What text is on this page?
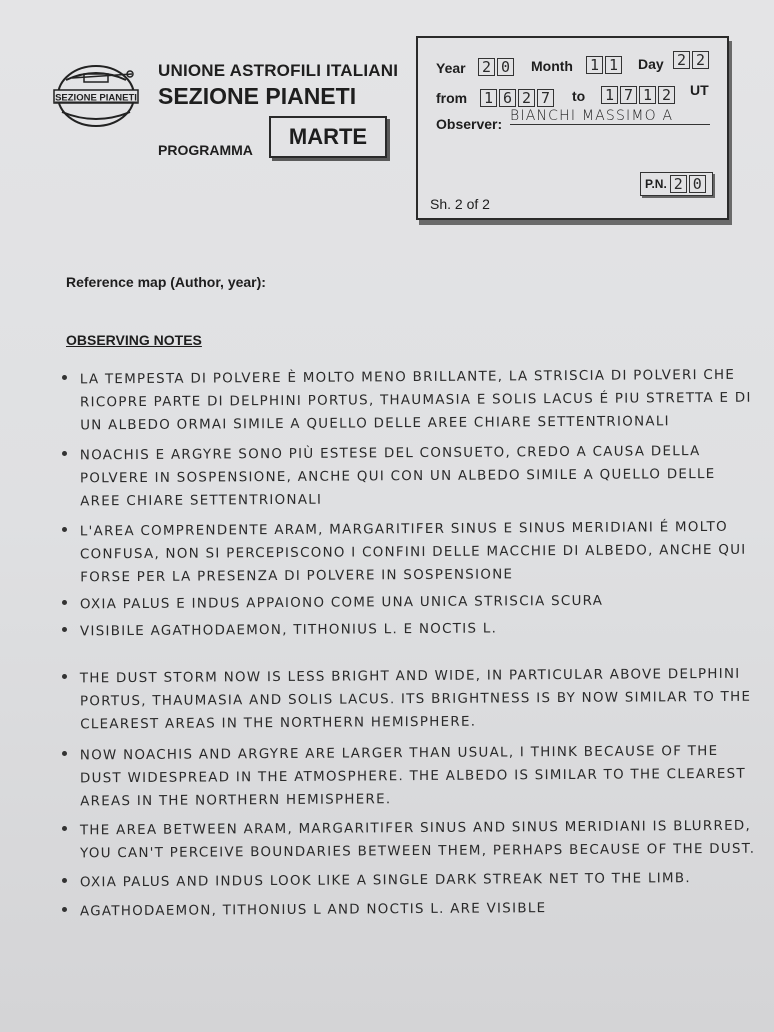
SEZIONE PIANETI
UNIONE ASTROFILI ITALIANI
SEZIONE PIANETI
PROGRAMMA
MARTE
Year 2 0 Month 1 1 Day 2 2
from 1 6 2 7 to 1 7 1 2 UT
Observer: BIANCHI MASSIMO A
P.N. 2 0
Sh. 2 of 2
Reference map (Author, year):
OBSERVING NOTES
LA TEMPESTA DI POLVERE È MOLTO MENO BRILLANTE, LA STRISCIA DI POLVERI CHE RICOPRE PARTE DI DELPHINI PORTUS, THAUMASIA E SOLIS LACUS É PIU STRETTA E DI UN ALBEDO ORMAI SIMILE A QUELLO DELLE AREE CHIARE SETTENTRIONALI
NOACHIS E ARGYRE SONO PIÙ ESTESE DEL CONSUETO, CREDO A CAUSA DELLA POLVERE IN SOSPENSIONE, ANCHE QUI CON UN ALBEDO SIMILE A QUELLO DELLE AREE CHIARE SETTENTRIONALI
L'AREA COMPRENDENTE ARAM, MARGARITIFER SINUS E SINUS MERIDIANI É MOLTO CONFUSA, NON SI PERCEPISCONO I CONFINI DELLE MACCHIE DI ALBEDO, ANCHE QUI FORSE PER LA PRESENZA DI POLVERE IN SOSPENSIONE
OXIA PALUS E INDUS APPAIONO COME UNA UNICA STRISCIA SCURA
VISIBILE AGATHODAEMON, TITHONIUS L. E NOCTIS L.
THE DUST STORM NOW IS LESS BRIGHT AND WIDE, IN PARTICULAR ABOVE DELPHINI PORTUS, THAUMASIA AND SOLIS LACUS. ITS BRIGHTNESS IS BY NOW SIMILAR TO THE CLEAREST AREAS IN THE NORTHERN HEMISPHERE.
NOW NOACHIS AND ARGYRE ARE LARGER THAN USUAL, I THINK BECAUSE OF THE DUST WIDESPREAD IN THE ATMOSPHERE. THE ALBEDO IS SIMILAR TO THE CLEAREST AREAS IN THE NORTHERN HEMISPHERE.
THE AREA BETWEEN ARAM, MARGARITIFER SINUS AND SINUS MERIDIANI IS BLURRED, YOU CAN'T PERCEIVE BOUNDARIES BETWEEN THEM, PERHAPS BECAUSE OF THE DUST.
OXIA PALUS AND INDUS LOOK LIKE A SINGLE DARK STREAK NET TO THE LIMB.
AGATHODAEMON, TITHONIUS L AND NOCTIS L. ARE VISIBLE
